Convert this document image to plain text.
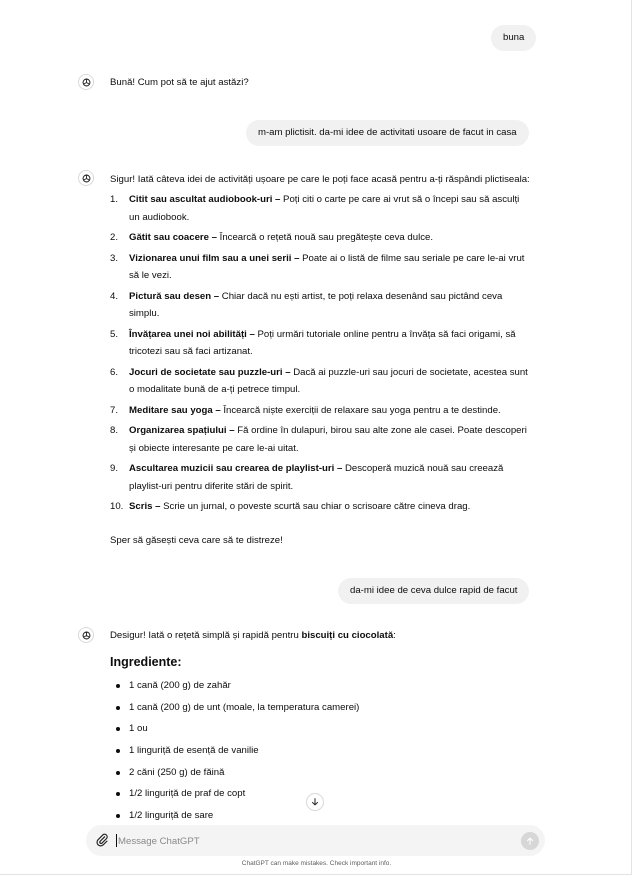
buna
Bună! Cum pot să te ajut astăzi?
m-am plictisit. da-mi idee de activitati usoare de facut in casa
Sigur! Iată câteva idei de activități ușoare pe care le poți face acasă pentru a-ți răspândi plictiseala:
1. Citit sau ascultat audiobook-uri – Poți citi o carte pe care ai vrut să o începi sau să asculți
un audiobook.
2. Gătit sau coacere – Încearcă o rețetă nouă sau pregătește ceva dulce.
3. Vizionarea unui film sau a unei serii – Poate ai o listă de filme sau seriale pe care le-ai vrut
să le vezi.
4. Pictură sau desen – Chiar dacă nu ești artist, te poți relaxa desenând sau pictând ceva
simplu.
5. Învățarea unei noi abilități – Poți urmări tutoriale online pentru a învăța să faci origami, să
tricotezi sau să faci artizanat.
6. Jocuri de societate sau puzzle-uri – Dacă ai puzzle-uri sau jocuri de societate, acestea sunt
o modalitate bună de a-ți petrece timpul.
7. Meditare sau yoga – Încearcă niște exerciții de relaxare sau yoga pentru a te destinde.
8. Organizarea spațiului – Fă ordine în dulapuri, birou sau alte zone ale casei. Poate descoperi
și obiecte interesante pe care le-ai uitat.
9. Ascultarea muzicii sau crearea de playlist-uri – Descoperă muzică nouă sau creează
playlist-uri pentru diferite stări de spirit.
10. Scris – Scrie un jurnal, o poveste scurtă sau chiar o scrisoare către cineva drag.
Sper să găsești ceva care să te distreze!
da-mi idee de ceva dulce rapid de facut
Desigur! Iată o rețetă simplă și rapidă pentru biscuiți cu ciocolată:
Ingrediente:
1 cană (200 g) de zahăr
1 cană (200 g) de unt (moale, la temperatura camerei)
1 ou
1 linguriță de esență de vanilie
2 căni (250 g) de făină
1/2 linguriță de praf de copt
1/2 linguriță de sare
Message ChatGPT
ChatGPT can make mistakes. Check important info.
